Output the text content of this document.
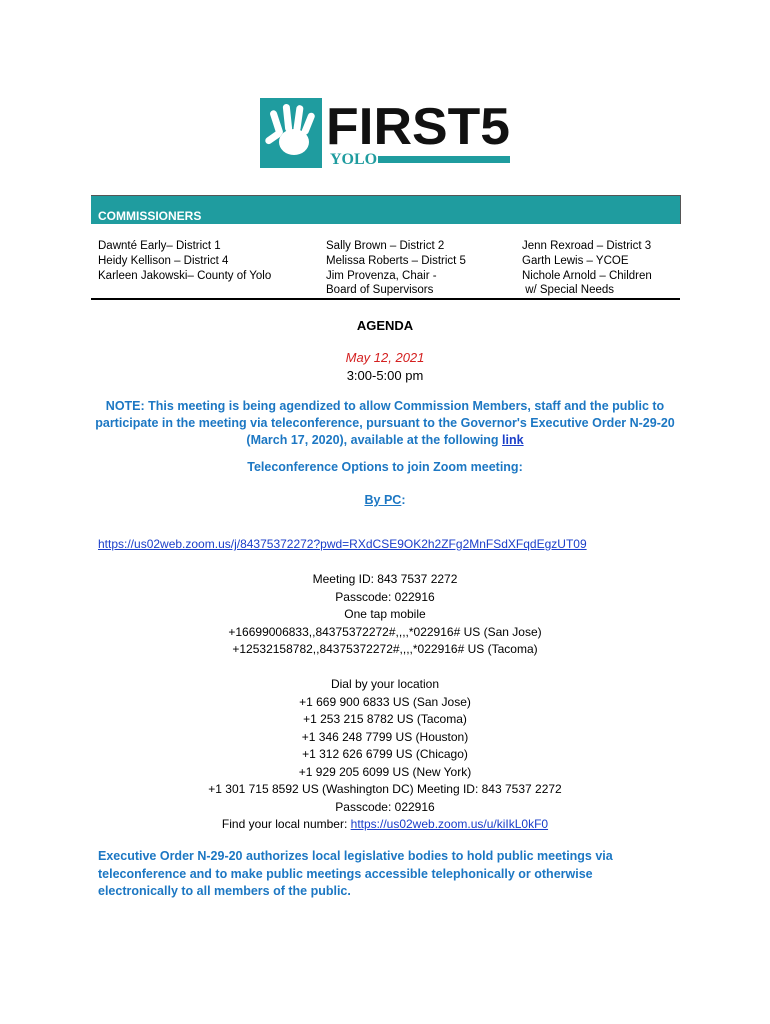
FIRST5
YOLO
COMMISSIONERS
Dawnté Early– District 1
Heidy Kellison – District 4
Karleen Jakowski– County of Yolo
Sally Brown – District 2
Melissa Roberts – District 5
Jim Provenza, Chair -
Board of Supervisors
Jenn Rexroad – District 3
Garth Lewis – YCOE
Nichole Arnold – Children
w/ Special Needs
AGENDA
May 12, 2021
3:00-5:00 pm
NOTE: This meeting is being agendized to allow Commission Members, staff and the public to participate in the meeting via teleconference, pursuant to the Governor's Executive Order N-29-20 (March 17, 2020), available at the following link
Teleconference Options to join Zoom meeting:
By PC:
https://us02web.zoom.us/j/84375372272?pwd=RXdCSE9OK2h2ZFg2MnFSdXFqdEgzUT09
Meeting ID: 843 7537 2272
Passcode: 022916
One tap mobile
+16699006833,,84375372272#,,,,*022916# US (San Jose)
+12532158782,,84375372272#,,,,*022916# US (Tacoma)
Dial by your location
+1 669 900 6833 US (San Jose)
+1 253 215 8782 US (Tacoma)
+1 346 248 7799 US (Houston)
+1 312 626 6799 US (Chicago)
+1 929 205 6099 US (New York)
+1 301 715 8592 US (Washington DC) Meeting ID: 843 7537 2272
Passcode: 022916
Find your local number: https://us02web.zoom.us/u/kiIkL0kF0
Executive Order N-29-20 authorizes local legislative bodies to hold public meetings via teleconference and to make public meetings accessible telephonically or otherwise electronically to all members of the public.
